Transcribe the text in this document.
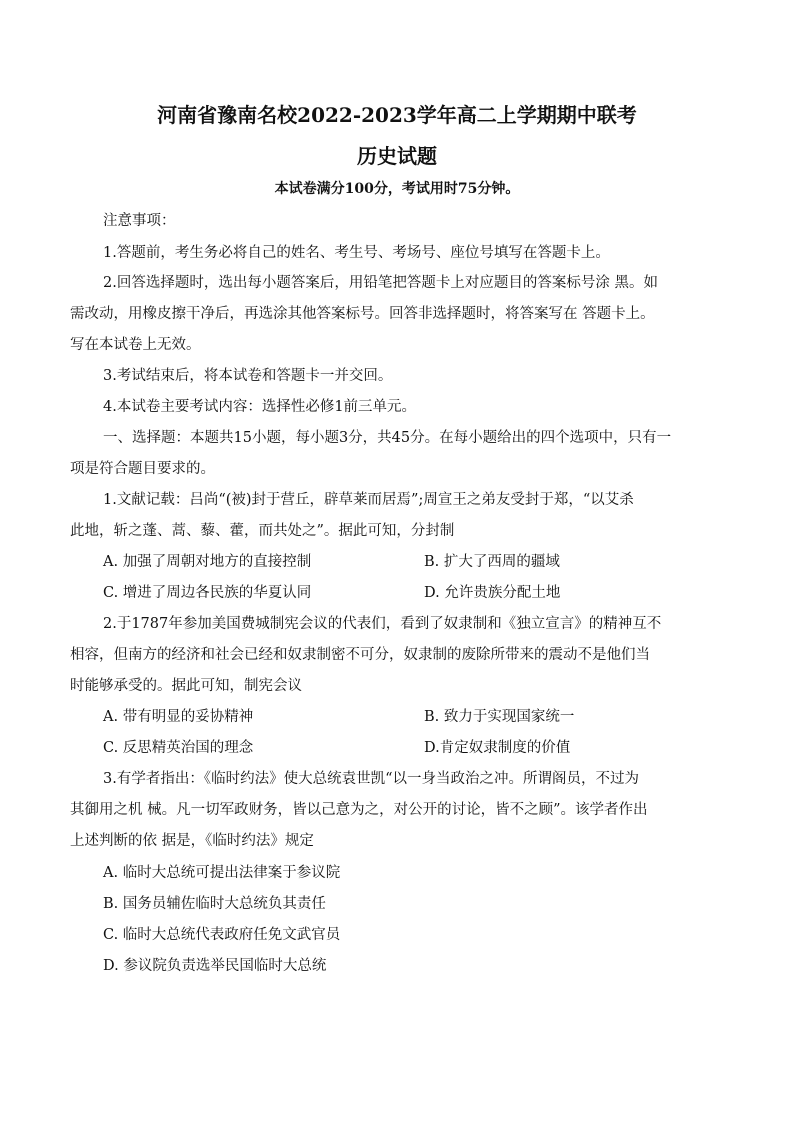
河南省豫南名校2022-2023学年高二上学期期中联考
历史试题

本试卷满分100分，考试用时75分钟。

注意事项：

1.答题前，考生务必将自己的姓名、考生号、考场号、座位号填写在答题卡上。

2.回答选择题时，选出每小题答案后，用铅笔把答题卡上对应题目的答案标号涂 黑。如

需改动，用橡皮擦干净后，再选涂其他答案标号。回答非选择题时，将答案写在 答题卡上。

写在本试卷上无效。

3.考试结束后，将本试卷和答题卡一并交回。

4.本试卷主要考试内容：选择性必修1前三单元。

一、选择题：本题共15小题，每小题3分，共45分。在每小题给出的四个选项中，只有一

项是符合题目要求的。

1.文献记载：吕尚“(被)封于营丘，辟草莱而居焉”;周宣王之弟友受封于郑，“以艾杀

此地，斩之蓬、蒿、藜、藿，而共处之”。据此可知，分封制

A. 加强了周朝对地方的直接控制	B. 扩大了西周的疆域

C. 增进了周边各民族的华夏认同	D. 允许贵族分配土地

2.于1787年参加美国费城制宪会议的代表们，看到了奴隶制和《独立宣言》的精神互不

相容，但南方的经济和社会已经和奴隶制密不可分，奴隶制的废除所带来的震动不是他们当

时能够承受的。据此可知，制宪会议

A. 带有明显的妥协精神	B. 致力于实现国家统一

C. 反思精英治国的理念	D.肯定奴隶制度的价值

3.有学者指出：《临时约法》使大总统袁世凯“以一身当政治之冲。所谓阁员，不过为

其御用之机 械。凡一切军政财务，皆以己意为之，对公开的讨论，皆不之顾”。该学者作出

上述判断的依 据是，《临时约法》规定

A. 临时大总统可提出法律案于参议院

B. 国务员辅佐临时大总统负其责任

C. 临时大总统代表政府任免文武官员

D. 参议院负责选举民国临时大总统
